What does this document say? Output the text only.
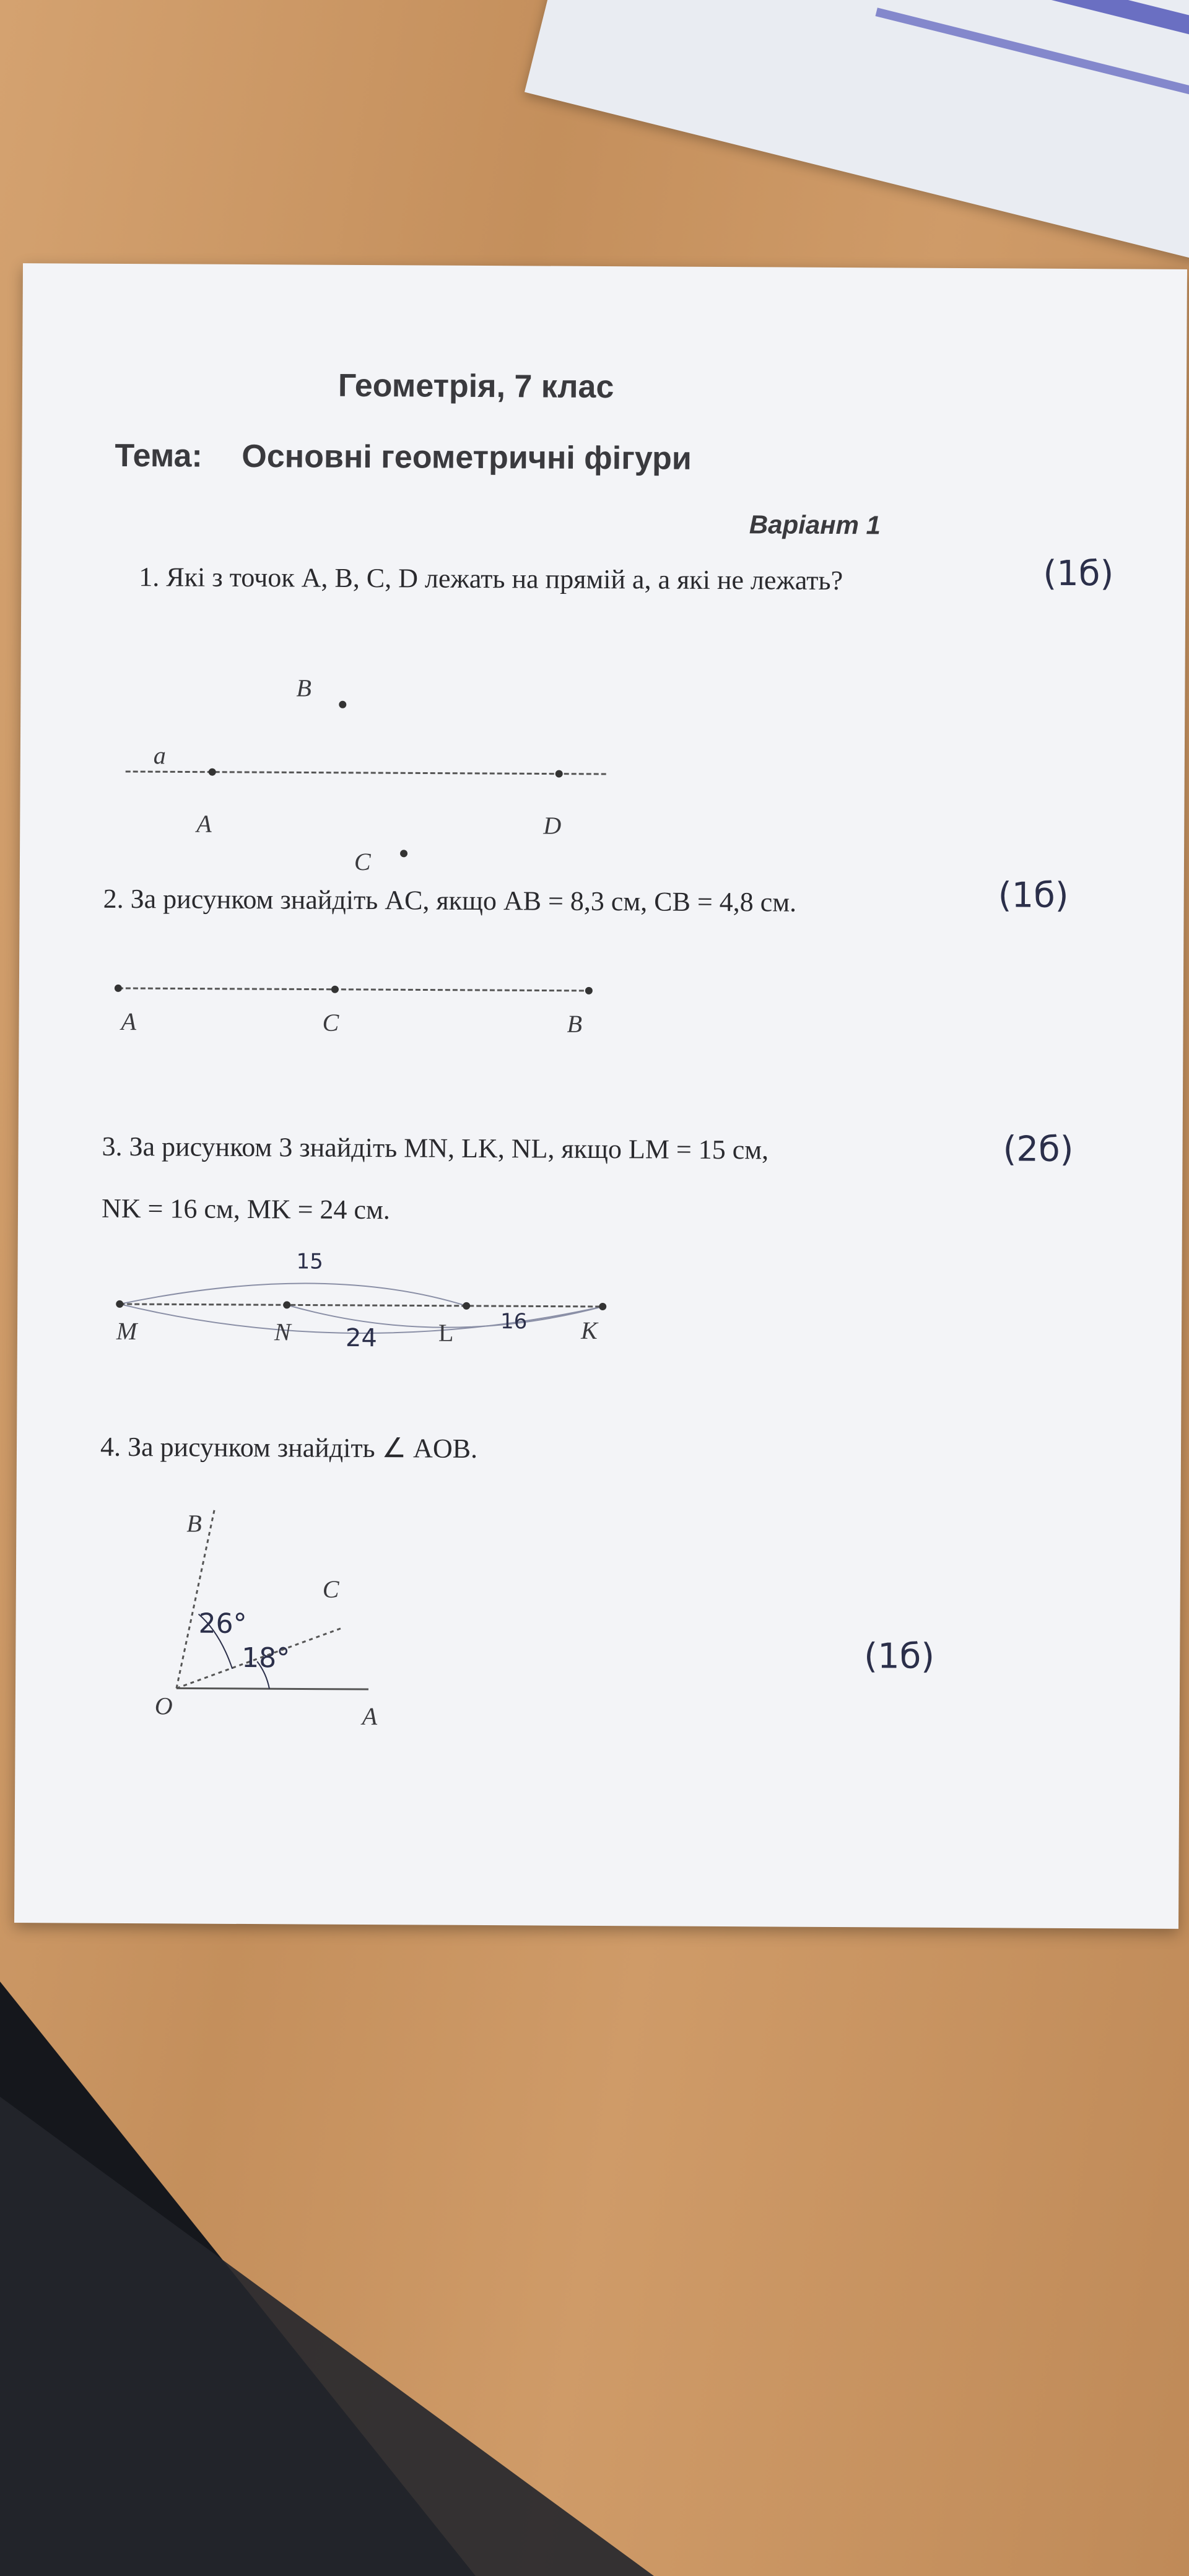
Геометрія, 7 клас
Тема: Основні геометричні фігури
Варіант 1
1. Які з точок A, B, C, D лежать на прямій a, а які не лежать?	(1б)
a
B
A	D
C
2. За рисунком знайдіть AC, якщо AB = 8,3 см, CB = 4,8 см.	(1б)
A	C	B
3. За рисунком 3 знайдіть MN, LK, NL, якщо LM = 15 см,
NK = 16 см, MK = 24 см.
(2б)
15
24
16
M	N	L	K
4. За рисунком знайдіть ∠ AOB.
B
C
O	A
26°
18°	(1б)
